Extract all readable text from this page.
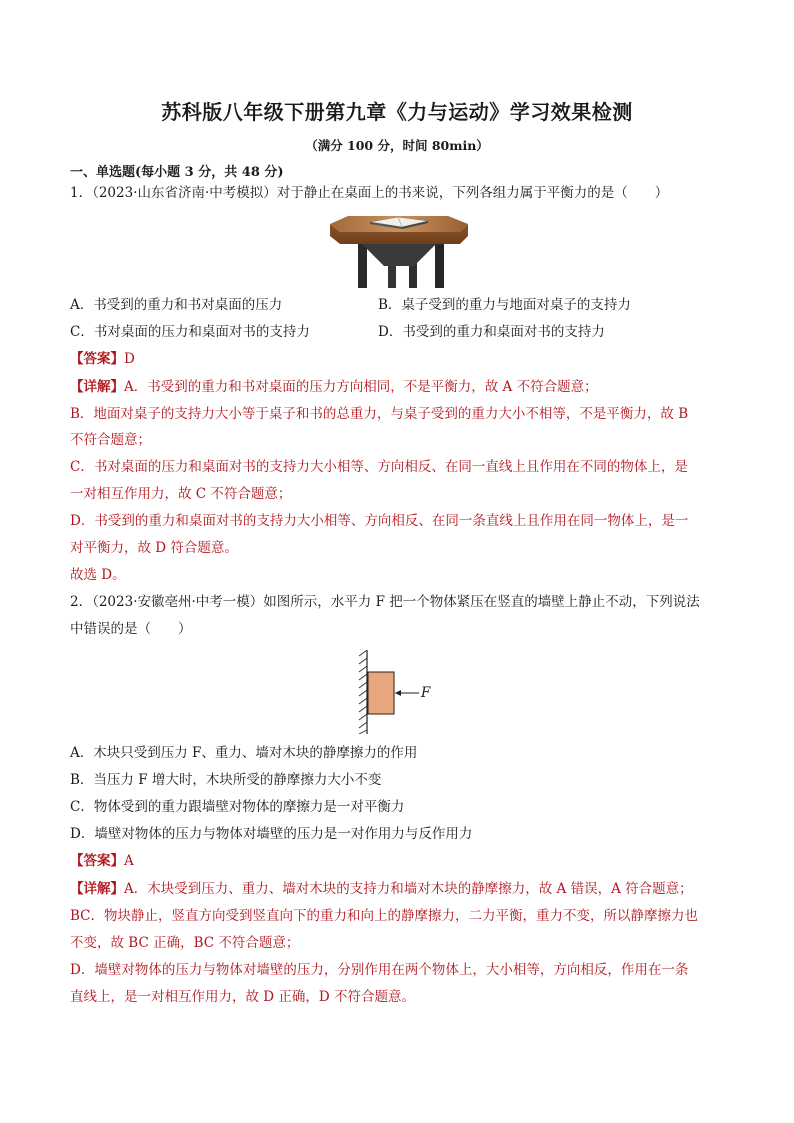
苏科版八年级下册第九章《力与运动》学习效果检测
（满分 100 分，时间 80min）
一、单选题(每小题 3 分，共 48 分)
1．（2023·山东省济南·中考模拟）对于静止在桌面上的书来说，下列各组力属于平衡力的是（　　）
A．书受到的重力和书对桌面的压力	B．桌子受到的重力与地面对桌子的支持力
C．书对桌面的压力和桌面对书的支持力	D．书受到的重力和桌面对书的支持力
【答案】D
【详解】A．书受到的重力和书对桌面的压力方向相同，不是平衡力，故 A 不符合题意；
B．地面对桌子的支持力大小等于桌子和书的总重力，与桌子受到的重力大小不相等，不是平衡力，故 B
不符合题意；
C．书对桌面的压力和桌面对书的支持力大小相等、方向相反、在同一直线上且作用在不同的物体上，是
一对相互作用力，故 C 不符合题意；
D．书受到的重力和桌面对书的支持力大小相等、方向相反、在同一条直线上且作用在同一物体上，是一
对平衡力，故 D 符合题意。
故选 D。
2．（2023·安徽亳州·中考一模）如图所示，水平力 F 把一个物体紧压在竖直的墙壁上静止不动，下列说法
中错误的是（　　）
F
A．木块只受到压力 F、重力、墙对木块的静摩擦力的作用
B．当压力 F 增大时，木块所受的静摩擦力大小不变
C．物体受到的重力跟墙壁对物体的摩擦力是一对平衡力
D．墙壁对物体的压力与物体对墙壁的压力是一对作用力与反作用力
【答案】A
【详解】A．木块受到压力、重力、墙对木块的支持力和墙对木块的静摩擦力，故 A 错误，A 符合题意；
BC．物块静止，竖直方向受到竖直向下的重力和向上的静摩擦力，二力平衡，重力不变，所以静摩擦力也
不变，故 BC 正确，BC 不符合题意；
D．墙壁对物体的压力与物体对墙壁的压力，分别作用在两个物体上，大小相等，方向相反，作用在一条
直线上，是一对相互作用力，故 D 正确，D 不符合题意。
